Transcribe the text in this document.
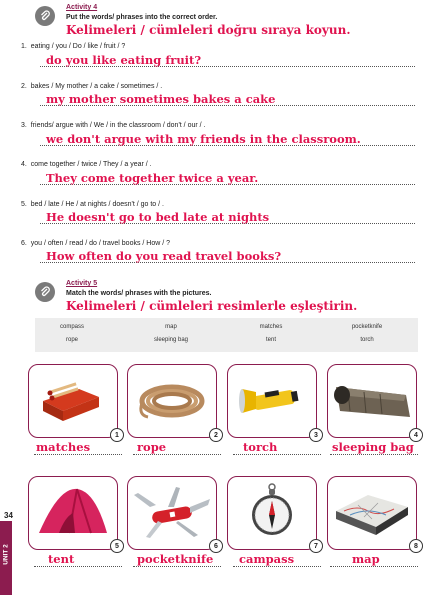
Activity 4
Put the words/ phrases into the correct order.
Kelimeleri / cümleleri doğru sıraya koyun.
1. eating / you / Do / like / fruit / ?
do you like eating fruit?
2. bakes / My mother / a cake / sometimes / .
my mother sometimes bakes a cake
3. friends/ argue with / We / in the classroom / don't / our / .
we don't argue with my friends in the classroom.
4. come together / twice / They / a year / .
They come together twice a year.
5. bed / late / He / at nights / doesn't / go to / .
He doesn't go to bed late at nights
6. you / often / read / do / travel books / How / ?
How often do you read travel books?
Activity 5
Match the words/ phrases with the pictures.
Kelimeleri / cümleleri resimlerle eşleştirin.
compass	map	matches	pocketknife
rope	sleeping bag	tent	torch
1	2	3	4
matches	rope	torch	sleeping bag
5	6	7	8
tent	pocketknife campass	map
34
UNIT 2
